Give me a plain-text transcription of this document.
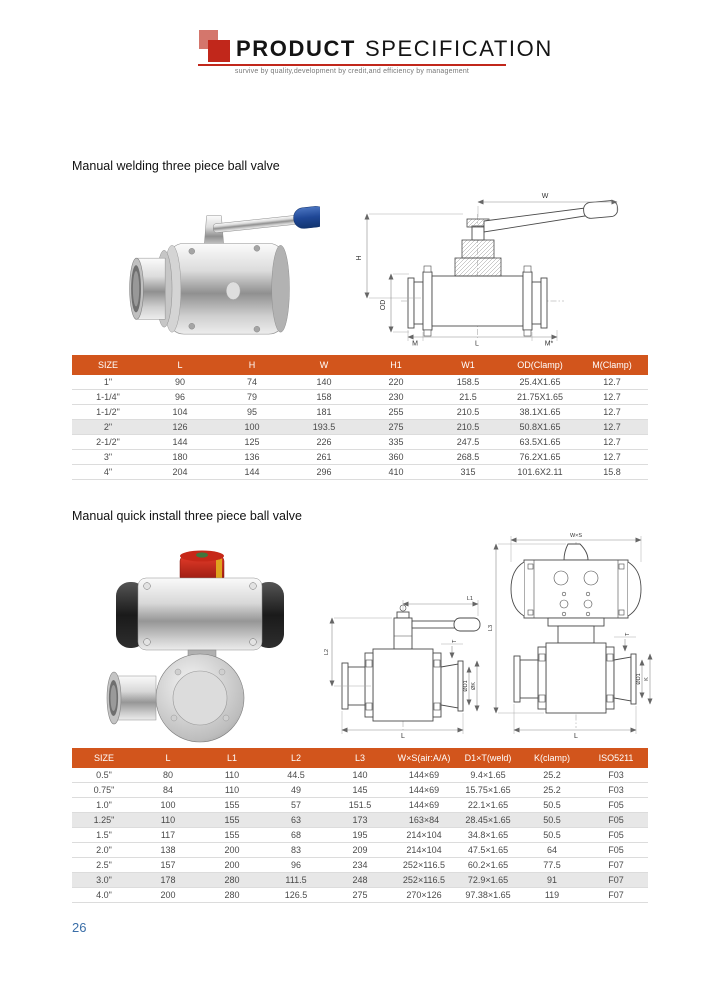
PRODUCT SPECIFICATION
survive by quality,development by credit,and efficiency by management
Manual welding three piece ball valve
W
H
OD
M	L	M*
SIZE	L	H	W	H1	W1	OD(Clamp)	M(Clamp)
1"	90	74	140	220	158.5	25.4X1.65	12.7
1-1/4"	96	79	158	230	21.5	21.75X1.65	12.7
1-1/2"	104	95	181	255	210.5	38.1X1.65	12.7
2"	126	100	193.5	275	210.5	50.8X1.65	12.7
2-1/2"	144	125	226	335	247.5	63.5X1.65	12.7
3"	180	136	261	360	268.5	76.2X1.65	12.7
4"	204	144	296	410	315	101.6X2.11	15.8
Manual quick install three piece ball valve
L1
L2
L
T
ØD1 ØK
W×S
L3
L
T
ØD1 K
SIZE	L	L1	L2	L3	W×S(air:A/A)	D1×T(weld)	K(clamp)	ISO5211
0.5"	80	110	44.5	140	144×69	9.4×1.65	25.2	F03
0.75"	84	110	49	145	144×69	15.75×1.65	25.2	F03
1.0"	100	155	57	151.5	144×69	22.1×1.65	50.5	F05
1.25"	110	155	63	173	163×84	28.45×1.65	50.5	F05
1.5"	117	155	68	195	214×104	34.8×1.65	50.5	F05
2.0"	138	200	83	209	214×104	47.5×1.65	64	F05
2.5"	157	200	96	234	252×116.5	60.2×1.65	77.5	F07
3.0"	178	280	111.5	248	252×116.5	72.9×1.65	91	F07
4.0"	200	280	126.5	275	270×126	97.38×1.65	119	F07
26
